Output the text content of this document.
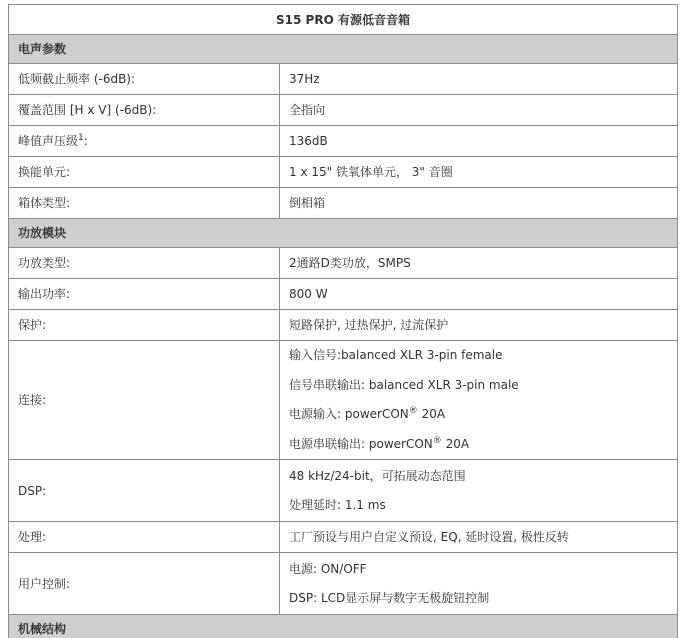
S15 PRO 有源低音音箱	
电声参数	
低频截止频率 (-6dB):	37Hz
覆盖范围 [H x V] (-6dB):	全指向
峰值声压级$^1$:	136dB
换能单元:	1 x 15" 铁氧体单元， 3" 音圈
箱体类型:	倒相箱
功放模块	
功放类型:	2通路D类功放，SMPS
输出功率:	800 W
保护:	短路保护, 过热保护, 过流保护
连接:	输入信号:balanced XLR 3-pin female
信号串联输出: balanced XLR 3-pin male
电源输入: powerCON® 20A
电源串联输出: powerCON® 20A

DSP:	48 kHz/24-bit，可拓展动态范围
处理延时: 1.1 ms

处理:	工厂预设与用户自定义预设, EQ, 延时设置, 极性反转
用户控制:	电源: ON/OFF
DSP: LCD显示屏与数字无极旋钮控制

机械结构	
